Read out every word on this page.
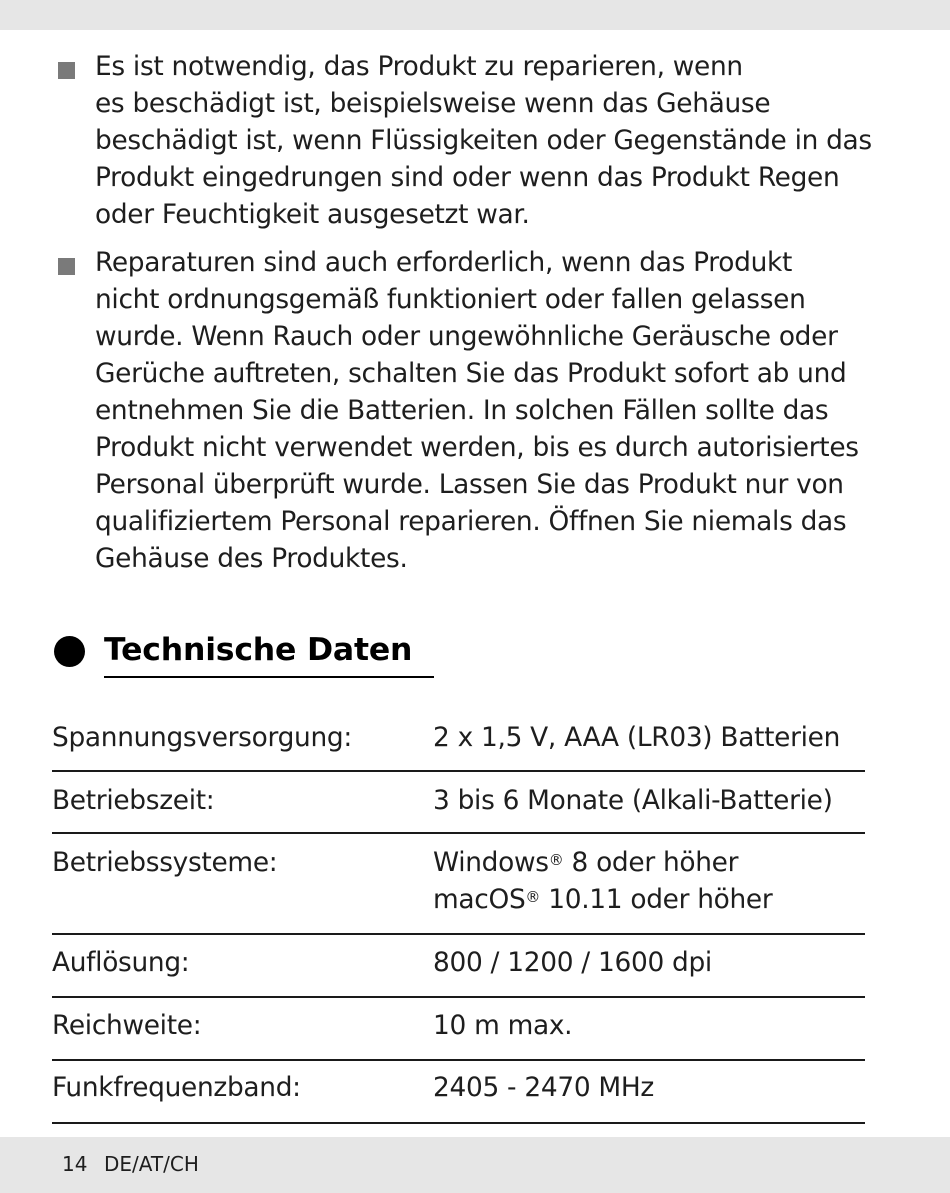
Es ist notwendig, das Produkt zu reparieren, wenn
es beschädigt ist, beispielsweise wenn das Gehäuse
beschädigt ist, wenn Flüssigkeiten oder Gegenstände in das
Produkt eingedrungen sind oder wenn das Produkt Regen
oder Feuchtigkeit ausgesetzt war.

Reparaturen sind auch erforderlich, wenn das Produkt
nicht ordnungsgemäß funktioniert oder fallen gelassen
wurde. Wenn Rauch oder ungewöhnliche Geräusche oder
Gerüche auftreten, schalten Sie das Produkt sofort ab und
entnehmen Sie die Batterien. In solchen Fällen sollte das
Produkt nicht verwendet werden, bis es durch autorisiertes
Personal überprüft wurde. Lassen Sie das Produkt nur von
qualifiziertem Personal reparieren. Öffnen Sie niemals das
Gehäuse des Produktes.

Technische Daten
Spannungsversorgung:	2 x 1,5 V, AAA (LR03) Batterien
Betriebszeit:	3 bis 6 Monate (Alkali-Batterie)
Betriebssysteme:	Windows® 8 oder höher
macOS® 10.11 oder höher
Auflösung:	800 / 1200 / 1600 dpi
Reichweite:	10 m max.
Funkfrequenzband:	2405 - 2470 MHz
14 DE/AT/CH
